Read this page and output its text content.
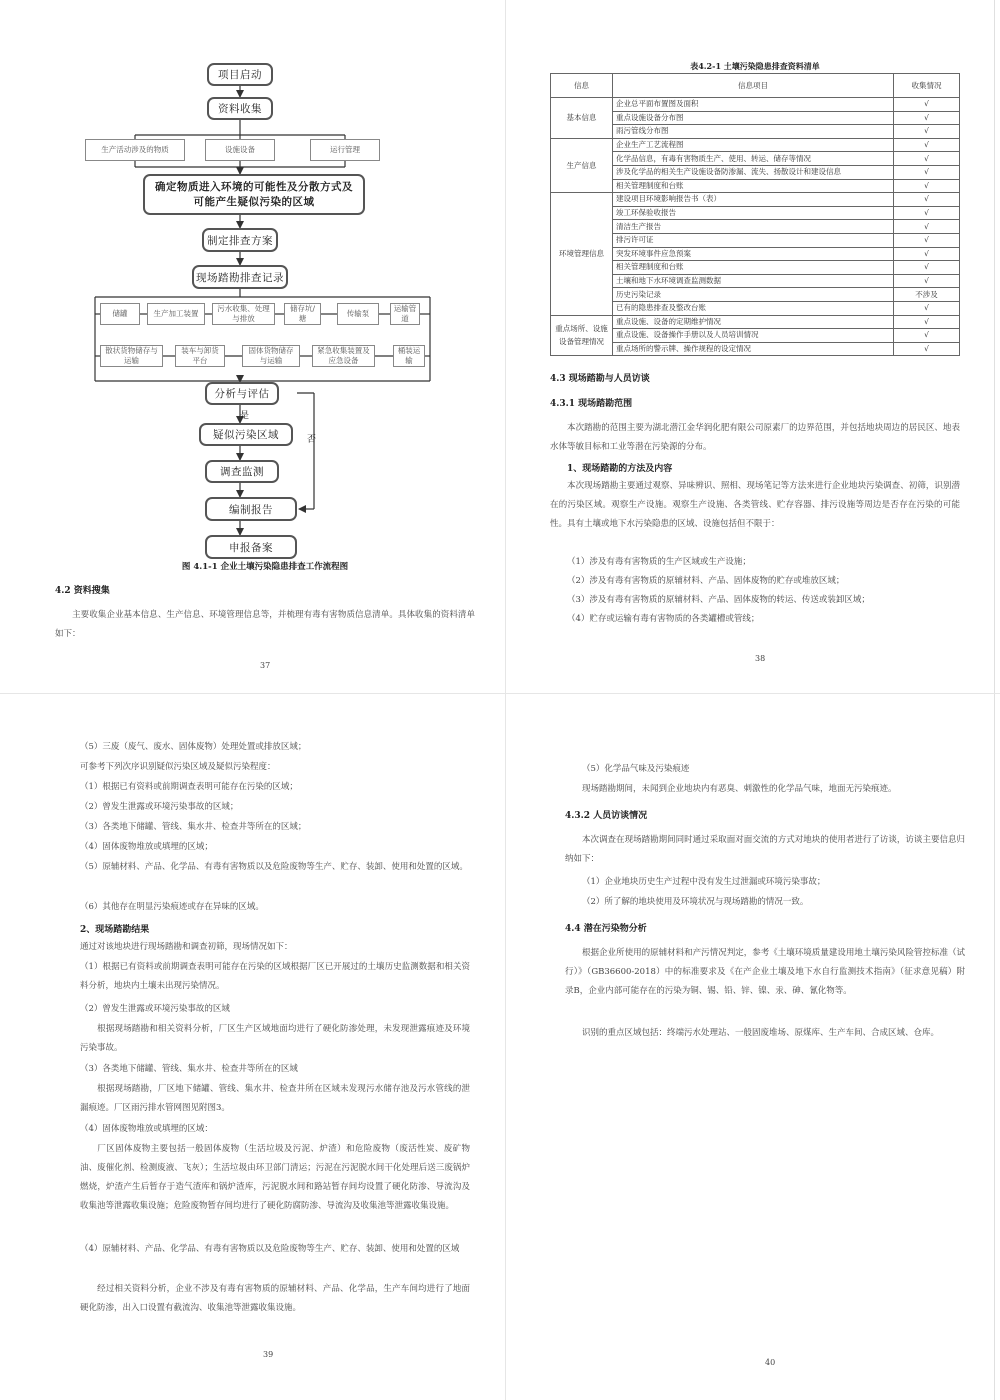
项目启动
资料收集
生产活动涉及的物质	设施设备	运行管理
确定物质进入环境的可能性及分散方式及可能产生疑似污染的区域
制定排查方案
现场踏勘排查记录
储罐	生产加工装置
污水收集、处理与排放
储存坑/塘
传输泵
运输管道
散状货物储存与运输
装车与卸货平台
固体货物储存与运输
紧急收集装置及应急设备
桶装运输
分析与评估
是
否
疑似污染区域
调查监测
编制报告
申报备案
图 4.1-1 企业土壤污染隐患排查工作流程图
4.2 资料搜集
主要收集企业基本信息、生产信息、环境管理信息等，并梳理有毒有害物质信息清单。具体收集的资料清单如下：
37
表4.2-1 土壤污染隐患排查资料清单
信息	信息项目	收集情况
基本信息	企业总平面布置图及面积	√
	重点设施设备分布图	√
	雨污管线分布图	√
生产信息	企业生产工艺流程图	√
	化学品信息，有毒有害物质生产、使用、转运、储存等情况	√
	涉及化学品的相关生产设施设备防渗漏、流失、扬散设计和建设信息	√
	相关管理制度和台账	√
环境管理信息	建设项目环境影响报告书（表）	√
	竣工环保验收报告	√
	清洁生产报告	√
	排污许可证	√
	突发环境事件应急预案	√
	相关管理制度和台账	√
	土壤和地下水环境调查监测数据	√
	历史污染记录	不涉及
	已有的隐患排查及整改台账	√
重点场所、设施设备管理情况	重点设施、设备的定期维护情况	√
	重点设施、设备操作手册以及人员培训情况	√
	重点场所的警示牌、操作规程的设定情况	√
4.3 现场踏勘与人员访谈
4.3.1 现场踏勘范围
本次踏勘的范围主要为湖北潜江金华润化肥有限公司原素厂的边界范围，并包括地块周边的居民区、地表水体等敏目标和工业等潜在污染源的分布。
1、现场踏勘的方法及内容
本次现场踏勘主要通过观察、异味辨识、照相、现场笔记等方法来进行企业地块污染调查、初筛，识别潜在的污染区域。观察生产设施。观察生产设施、各类管线、贮存容器、排污设施等周边是否存在污染的可能性。具有土壤或地下水污染隐患的区域、设施包括但不限于：
（1）涉及有毒有害物质的生产区域或生产设施；
（2）涉及有毒有害物质的原辅材料、产品、固体废物的贮存或堆放区域；
（3）涉及有毒有害物质的原辅材料、产品、固体废物的转运、传送或装卸区域；
（4）贮存或运输有毒有害物质的各类罐槽或管线；
38
（5）三废（废气、废水、固体废物）处理处置或排放区域；
可参考下列次序识别疑似污染区域及疑似污染程度：
（1）根据已有资料或前期调查表明可能存在污染的区域；
（2）曾发生泄露或环境污染事故的区域；
（3）各类地下储罐、管线、集水井、检查井等所在的区域；
（4）固体废物堆放或填埋的区域；
（5）原辅材料、产品、化学品、有毒有害物质以及危险废物等生产、贮存、装卸、使用和处置的区域。
（6）其他存在明显污染痕迹或存在异味的区域。
2、现场踏勘结果
通过对该地块进行现场踏勘和调查初筛，现场情况如下：
（1）根据已有资料或前期调查表明可能存在污染的区域根据厂区已开展过的土壤历史监测数据和相关资料分析，地块内土壤未出现污染情况。
（2）曾发生泄露或环境污染事故的区域
根据现场踏勘和相关资料分析，厂区生产区域地面均进行了硬化防渗处理，未发现泄露痕迹及环境污染事故。
（3）各类地下储罐、管线、集水井、检查井等所在的区域
根据现场踏勘，厂区地下储罐、管线、集水井、检查井所在区域未发现污水储存池及污水管线的泄漏痕迹。厂区雨污排水管网图见附图3。
（4）固体废物堆放或填埋的区域：
厂区固体废物主要包括一般固体废物（生活垃圾及污泥、炉渣）和危险废物（废活性炭、废矿物油、废催化剂、检测废液、飞灰）；生活垃圾由环卫部门清运；污泥在污泥脱水间干化处理后送三废锅炉燃烧，炉渣产生后暂存于造气渣库和锅炉渣库，污泥脱水间和路站暂存间均设置了硬化防渗、导流沟及收集池等泄露收集设施；危险废物暂存间均进行了硬化防腐防渗、导流沟及收集池等泄露收集设施。
（4）原辅材料、产品、化学品、有毒有害物质以及危险废物等生产、贮存、装卸、使用和处置的区域
经过相关资料分析，企业不涉及有毒有害物质的原辅材料、产品、化学品，生产车间均进行了地面硬化防渗，出入口设置有截流沟、收集池等泄露收集设施。
39
（5）化学品气味及污染痕迹
现场踏勘期间，未闻到企业地块内有恶臭、刺激性的化学品气味，地面无污染痕迹。
4.3.2 人员访谈情况
本次调查在现场踏勘期间同时通过采取面对面交流的方式对地块的使用者进行了访谈，访谈主要信息归纳如下：
（1）企业地块历史生产过程中没有发生过泄漏或环境污染事故；
（2）所了解的地块使用及环境状况与现场踏勘的情况一致。
4.4 潜在污染物分析
根据企业所使用的原辅材料和产污情况判定，参考《土壤环境质量建设用地土壤污染风险管控标准（试行）》（GB36600-2018）中的标准要求及《在产企业土壤及地下水自行监测技术指南》（征求意见稿）附录B，企业内部可能存在的污染为铜、锡、铅、锌、镍、汞、砷、氰化物等。
识别的重点区域包括：终端污水处理站、一般固废堆场、原煤库、生产车间、合成区域、仓库。
40
